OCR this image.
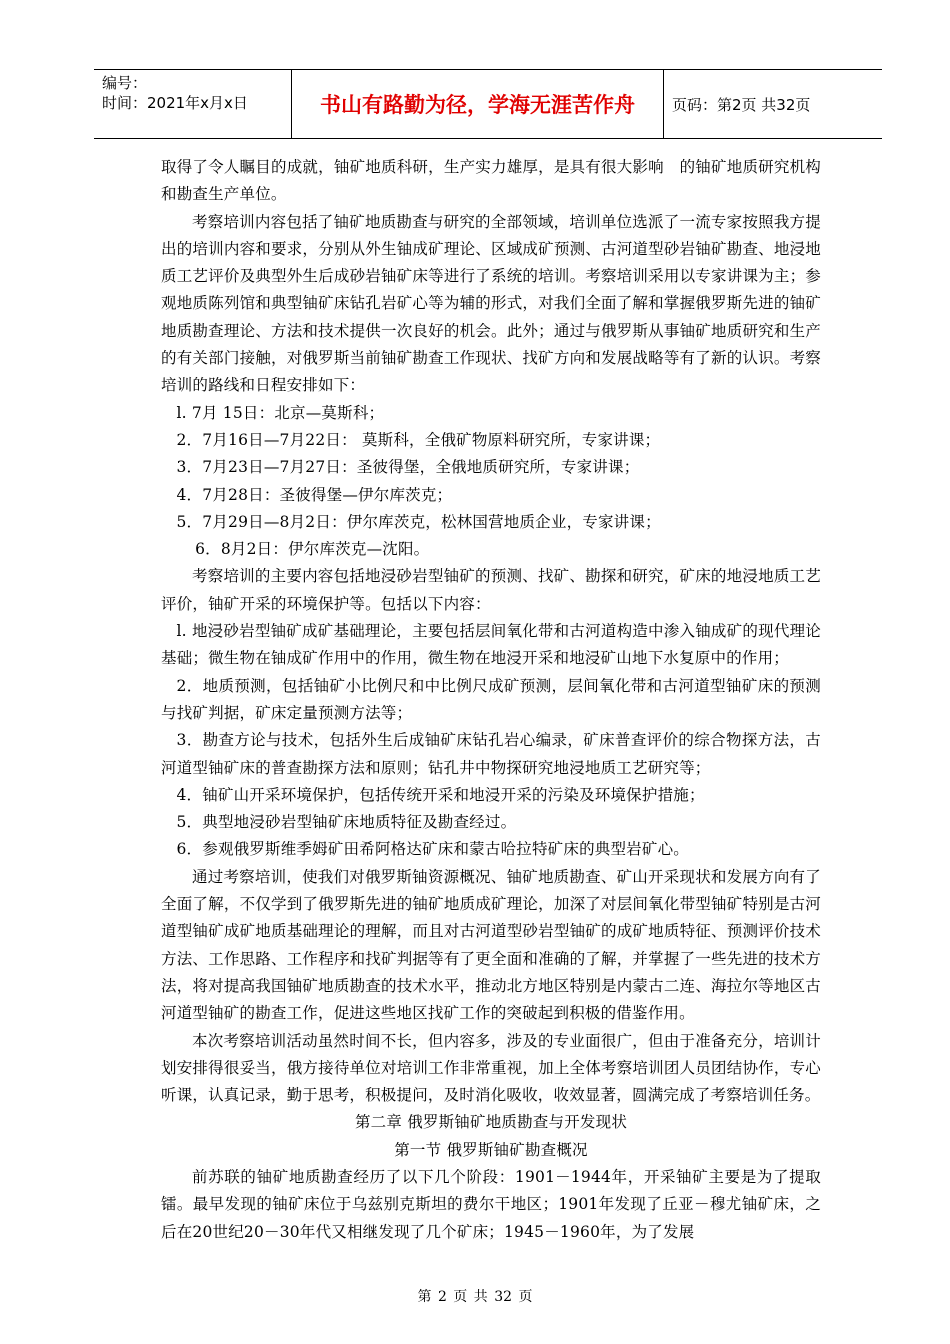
编号：
时间：2021年x月x日	书山有路勤为径，学海无涯苦作舟	页码：第2页 共32页

取得了令人瞩目的成就，铀矿地质科研，生产实力雄厚，是具有很大影响　的铀矿地质研究机构和勘查生产单位。

考察培训内容包括了铀矿地质勘查与研究的全部领域，培训单位选派了一流专家按照我方提出的培训内容和要求，分别从外生铀成矿理论、区域成矿预测、古河道型砂岩铀矿勘查、地浸地质工艺评价及典型外生后成砂岩铀矿床等进行了系统的培训。考察培训采用以专家讲课为主；参观地质陈列馆和典型铀矿床钻孔岩矿心等为辅的形式，对我们全面了解和掌握俄罗斯先进的铀矿地质勘查理论、方法和技术提供一次良好的机会。此外；通过与俄罗斯从事铀矿地质研究和生产的有关部门接触，对俄罗斯当前铀矿勘查工作现状、找矿方向和发展战略等有了新的认识。考察培训的路线和日程安排如下：

l. 7月 15日：北京—莫斯科；

2．7月16日—7月22日： 莫斯科，全俄矿物原料研究所，专家讲课；

3．7月23日—7月27日：圣彼得堡，全俄地质研究所，专家讲课；

4．7月28日：圣彼得堡—伊尔库茨克；

5．7月29日—8月2日：伊尔库茨克，松林国营地质企业，专家讲课；

6．8月2日：伊尔库茨克—沈阳。

考察培训的主要内容包括地浸砂岩型铀矿的预测、找矿、勘探和研究，矿床的地浸地质工艺评价，铀矿开采的环境保护等。包括以下内容：

l. 地浸砂岩型铀矿成矿基础理论，主要包括层间氧化带和古河道构造中渗入铀成矿的现代理论基础；微生物在铀成矿作用中的作用，微生物在地浸开采和地浸矿山地下水复原中的作用；

2．地质预测，包括铀矿小比例尺和中比例尺成矿预测，层间氧化带和古河道型铀矿床的预测与找矿判据，矿床定量预测方法等；

3．勘查方论与技术，包括外生后成铀矿床钻孔岩心编录，矿床普查评价的综合物探方法，古河道型铀矿床的普查勘探方法和原则；钻孔井中物探研究地浸地质工艺研究等；

4．铀矿山开采环境保护，包括传统开采和地浸开采的污染及环境保护措施；

5．典型地浸砂岩型铀矿床地质特征及勘查经过。

6．参观俄罗斯维季姆矿田希阿格达矿床和蒙古哈拉特矿床的典型岩矿心。

通过考察培训，使我们对俄罗斯铀资源概况、铀矿地质勘查、矿山开采现状和发展方向有了全面了解，不仅学到了俄罗斯先进的铀矿地质成矿理论，加深了对层间氧化带型铀矿特别是古河道型铀矿成矿地质基础理论的理解，而且对古河道型砂岩型铀矿的成矿地质特征、预测评价技术方法、工作思路、工作程序和找矿判据等有了更全面和准确的了解，并掌握了一些先进的技术方法，将对提高我国铀矿地质勘查的技术水平，推动北方地区特别是内蒙古二连、海拉尔等地区古河道型铀矿的勘查工作，促进这些地区找矿工作的突破起到积极的借鉴作用。

本次考察培训活动虽然时间不长，但内容多，涉及的专业面很广，但由于准备充分，培训计划安排得很妥当，俄方接待单位对培训工作非常重视，加上全体考察培训团人员团结协作，专心听课，认真记录，勤于思考，积极提问，及时消化吸收，收效显著，圆满完成了考察培训任务。

第二章 俄罗斯铀矿地质勘查与开发现状

第一节 俄罗斯铀矿勘查概况

前苏联的铀矿地质勘查经历了以下几个阶段：1901－1944年，开采铀矿主要是为了提取镭。最早发现的铀矿床位于乌兹别克斯坦的费尔干地区；1901年发现了丘亚－穆尤铀矿床，之后在20世纪20－30年代又相继发现了几个矿床；1945－1960年，为了发展

第 2 页 共 32 页
